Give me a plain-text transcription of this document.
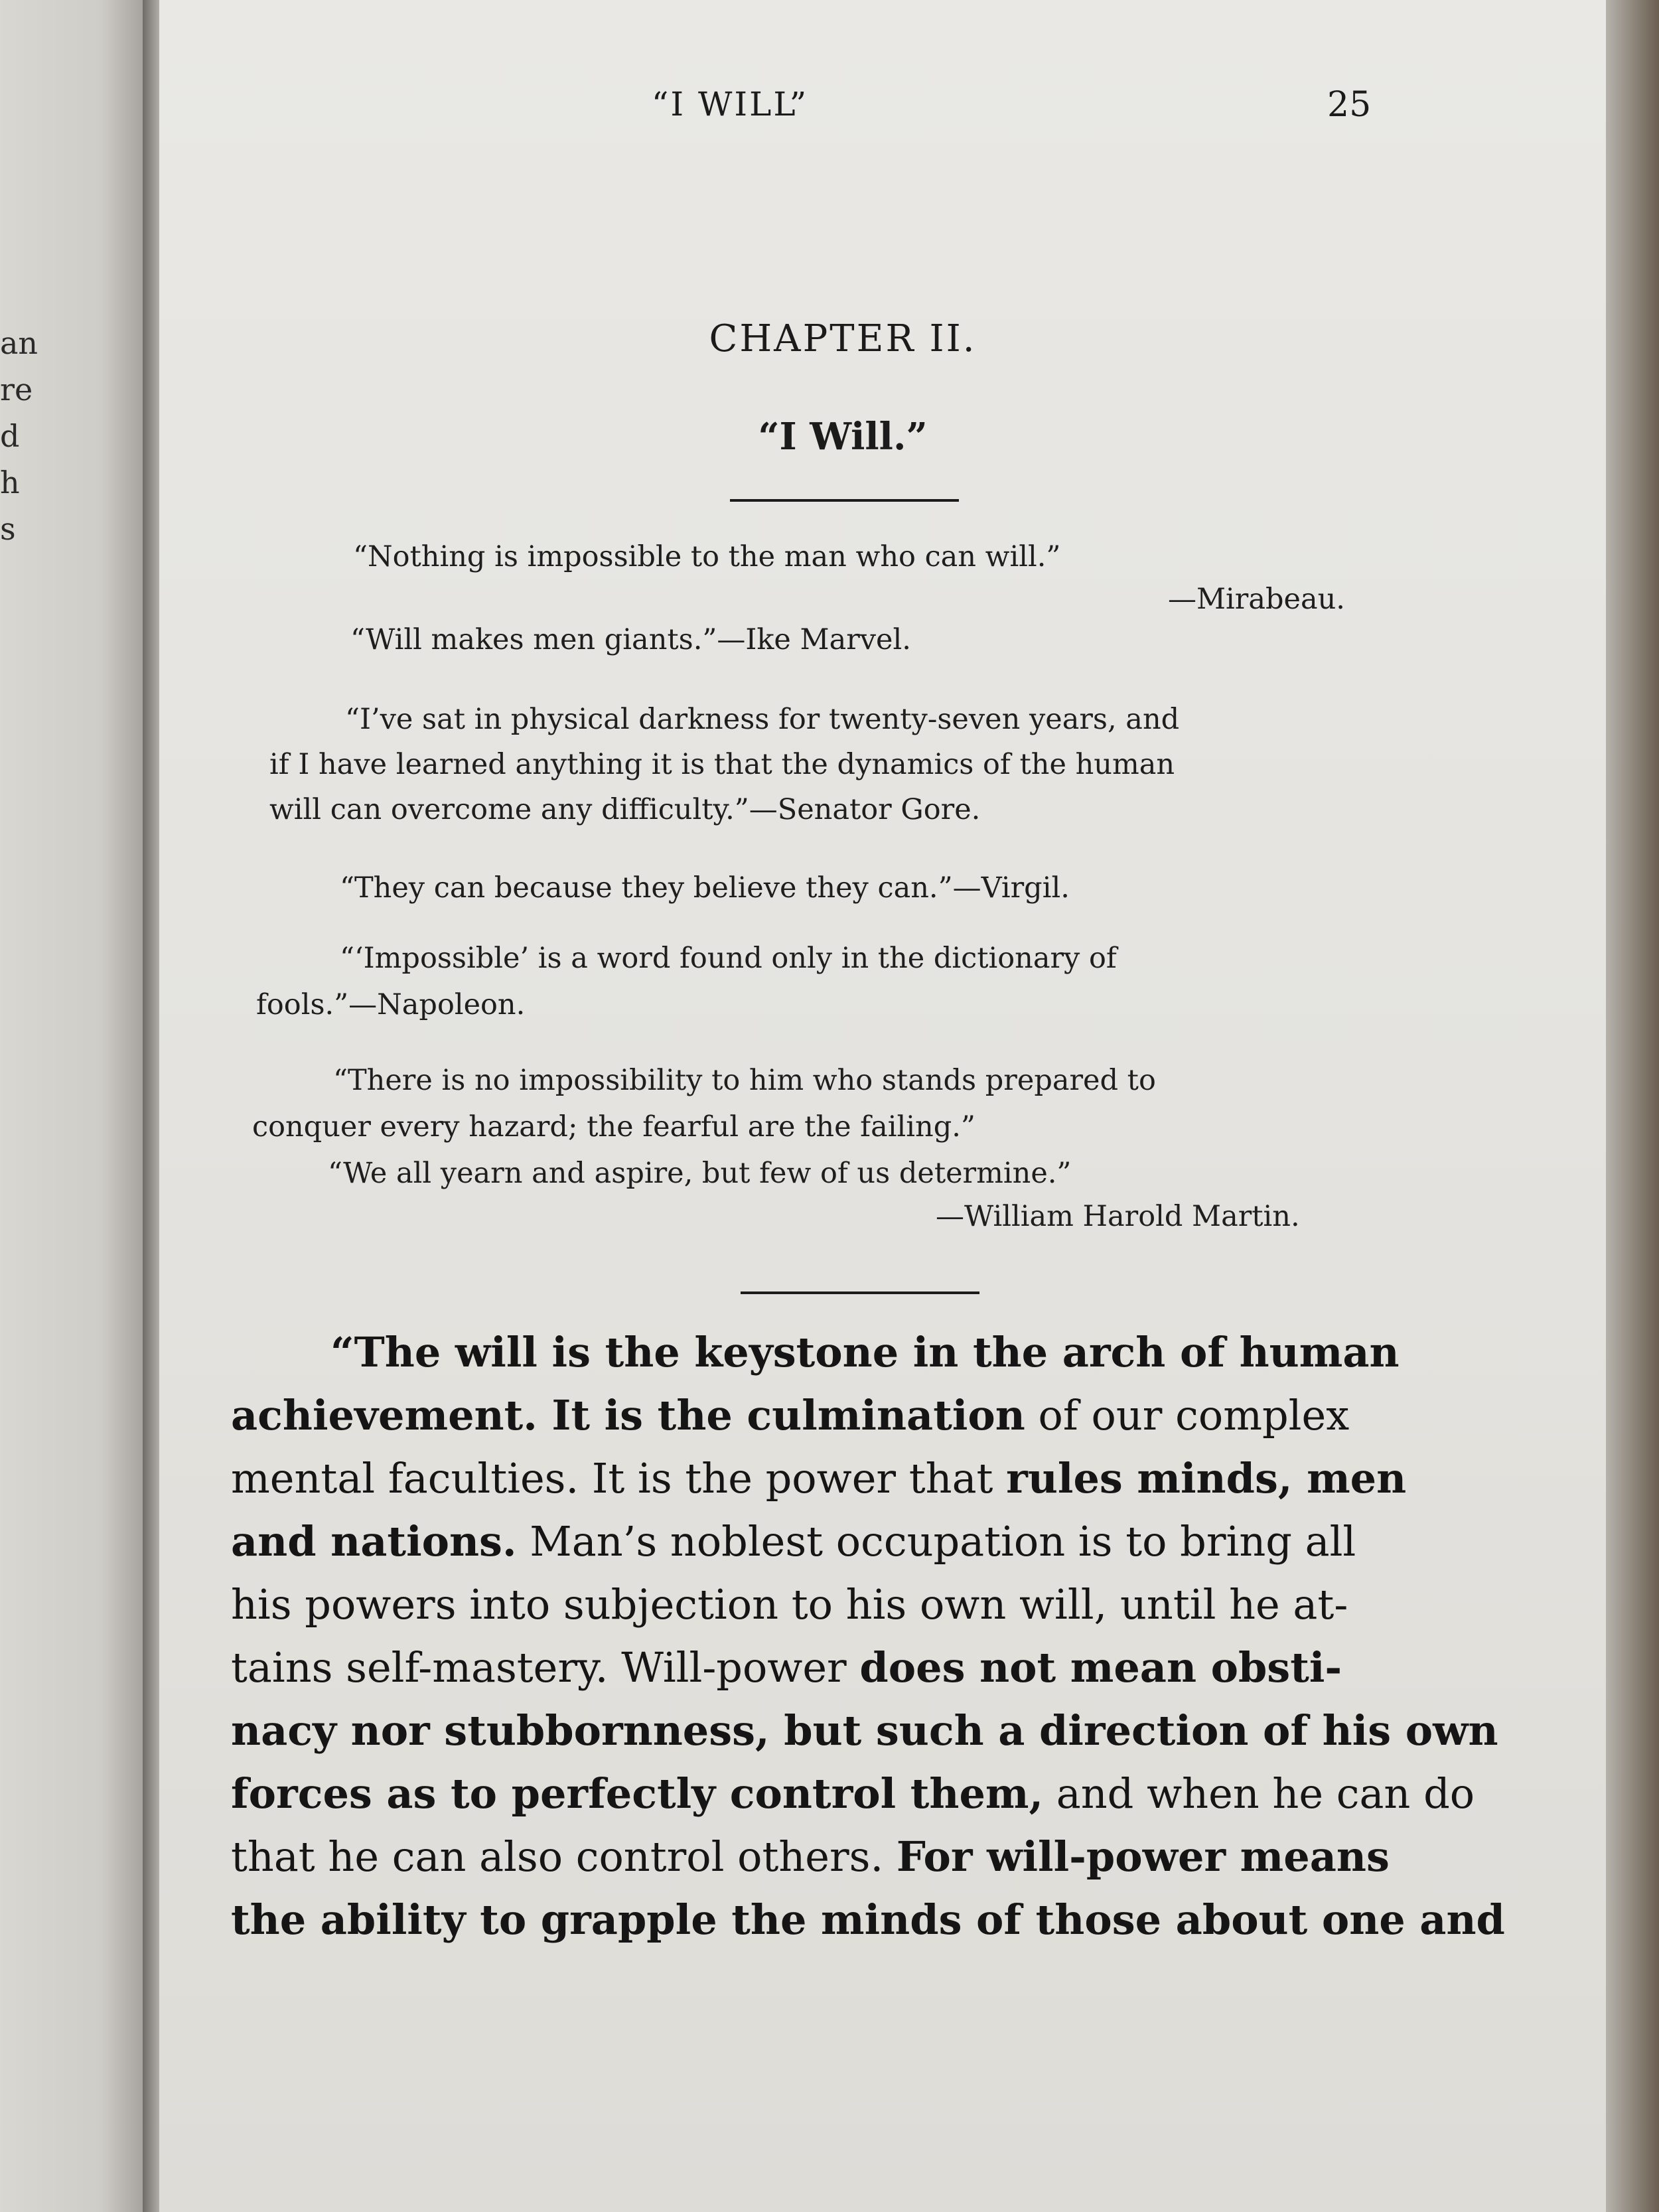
an
re
d
h
s
“I WILL”	25
CHAPTER II.
“I Will.”
“Nothing is impossible to the man who can will.”
—Mirabeau.
“Will makes men giants.”—Ike Marvel.
“I’ve sat in physical darkness for twenty-seven years, and
if I have learned anything it is that the dynamics of the human
will can overcome any difficulty.”—Senator Gore.
“They can because they believe they can.”—Virgil.
“‘Impossible’ is a word found only in the dictionary of
fools.”—Napoleon.
“There is no impossibility to him who stands prepared to
conquer every hazard; the fearful are the failing.”
“We all yearn and aspire, but few of us determine.”
—William Harold Martin.
“The will is the keystone in the arch of human
achievement. It is the culmination of our complex
mental faculties. It is the power that rules minds, men
and nations. Man’s noblest occupation is to bring all
his powers into subjection to his own will, until he at-
tains self-mastery. Will-power does not mean obsti-
nacy nor stubbornness, but such a direction of his own
forces as to perfectly control them, and when he can do
that he can also control others. For will-power means
the ability to grapple the minds of those about one and
